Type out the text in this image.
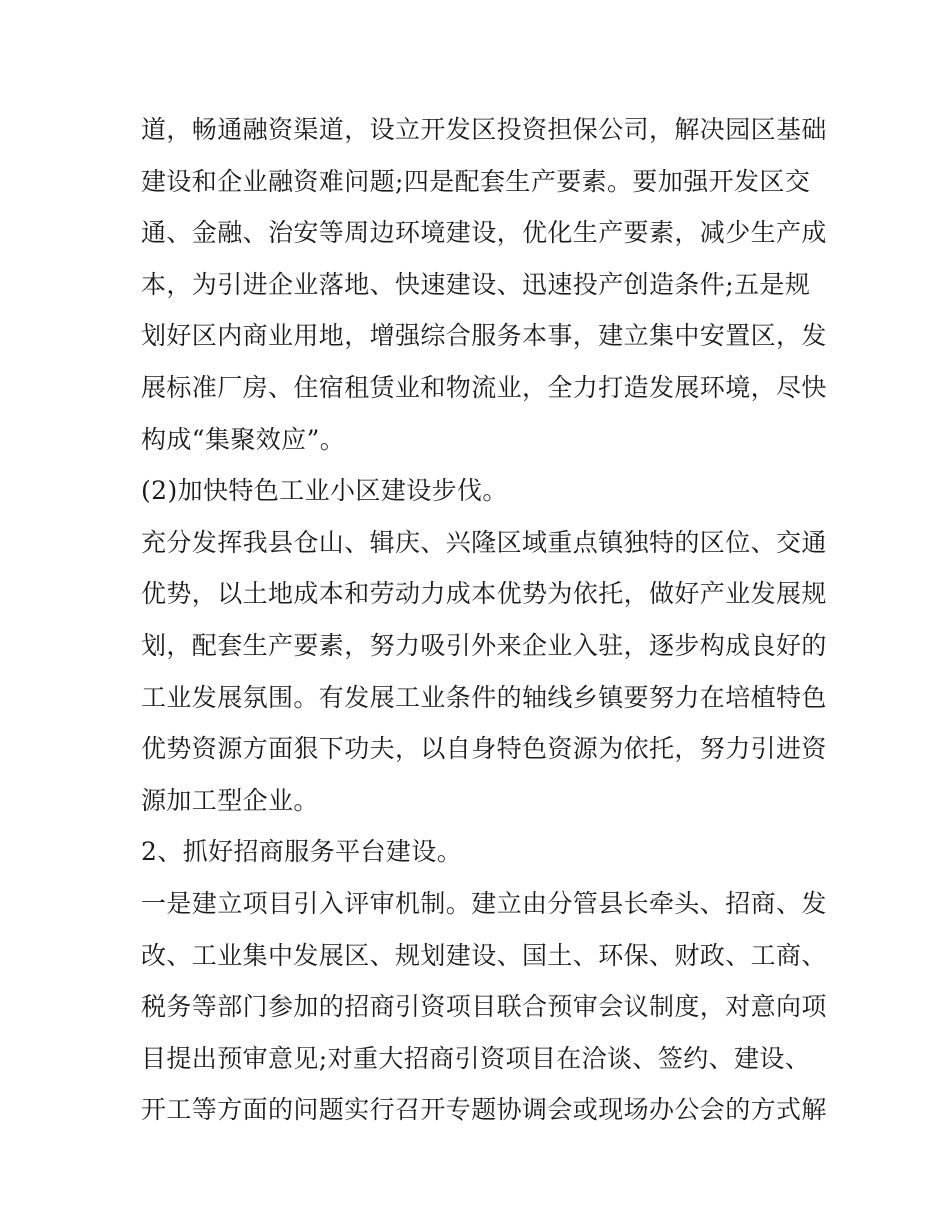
道，畅通融资渠道，设立开发区投资担保公司，解决园区基础
建设和企业融资难问题;四是配套生产要素。要加强开发区交
通、金融、治安等周边环境建设，优化生产要素，减少生产成
本，为引进企业落地、快速建设、迅速投产创造条件;五是规
划好区内商业用地，增强综合服务本事，建立集中安置区，发
展标准厂房、住宿租赁业和物流业，全力打造发展环境，尽快
构成“集聚效应”。
(2)加快特色工业小区建设步伐。
充分发挥我县仓山、辑庆、兴隆区域重点镇独特的区位、交通
优势，以土地成本和劳动力成本优势为依托，做好产业发展规
划，配套生产要素，努力吸引外来企业入驻，逐步构成良好的
工业发展氛围。有发展工业条件的轴线乡镇要努力在培植特色
优势资源方面狠下功夫，以自身特色资源为依托，努力引进资
源加工型企业。
2、抓好招商服务平台建设。
一是建立项目引入评审机制。建立由分管县长牵头、招商、发
改、工业集中发展区、规划建设、国土、环保、财政、工商、
税务等部门参加的招商引资项目联合预审会议制度，对意向项
目提出预审意见;对重大招商引资项目在洽谈、签约、建设、
开工等方面的问题实行召开专题协调会或现场办公会的方式解
